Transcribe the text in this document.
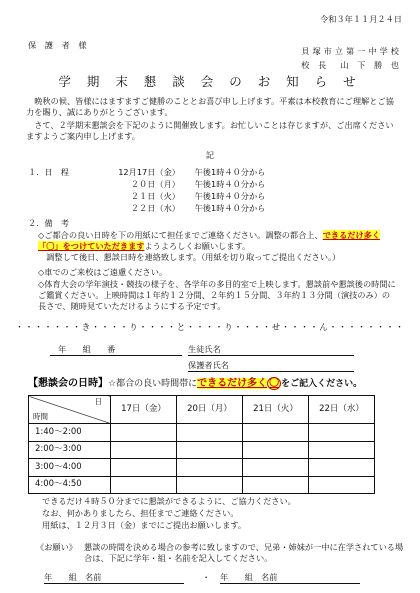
令和３年１１月２４日
保 護 者 様
貝塚市立第一中学校
校 長　山 下 勝 也
学 期 末 懇 談 会 の お 知 ら せ
晩秋の候、皆様にはますますご健勝のこととお喜び申し上げます。平素は本校教育にご理解とご協力を賜り、誠にありがとうございます。
さて、２学期末懇談会を下記のように開催致します。お忙しいことは存じますが、ご出席くださいますようご案内申し上げます。
記
１．日　程	12月17日（金） 午後1時４０分から
２０日（月） 午後1時４０分から
２１日（火） 午後1時４０分から
２２日（水） 午後1時４０分から
２．備　考
◇ご都合の良い日時を下の用紙にて担任までご連絡ください。調整の都合上、できるだけ多く「〇」をつけていただきますようよろしくお願いします。
調整して後日、懇談日時を連絡致します。（用紙を切り取ってご提出ください。）
◇車でのご来校はご遠慮ください。
◇体育大会の学年演技・競技の様子を、各学年の多目的室で上映します。懇談前や懇談後の時間にご鑑賞ください。上映時間は１年約１２分間、２年約１５分間、３年約１３分間（演技のみ）の長さで、随時見ていただけるようにする予定です。
・・・・・・・き・・・・り・・・・と・・・・り・・・・せ・・・・ん・・・・・・・・
年　　組　　番	生徒氏名
保護者氏名
【懇談会の日時】☆都合の良い時間帯にできるだけ多く 〇 をご記入ください。
日
時間	17日（金）	20日（月）	21日（火）	22日（水）
1:40～2:00				
2:00～3:00				
3:00～4:00				
4:00～4:50				
できるだけ４時５０分までに懇談ができるように、ご協力ください。
なお、何かありましたら、担任までご連絡ください。
用紙は、１２月３日（金）までにご提出お願いします。
《お願い》 懇談の時間を決める場合の参考に致しますので、兄弟・姉妹が一中に在学されている場合は、下記に学年・組・名前を記入してください。
年　　組　名前	・ 年　　組　名前
